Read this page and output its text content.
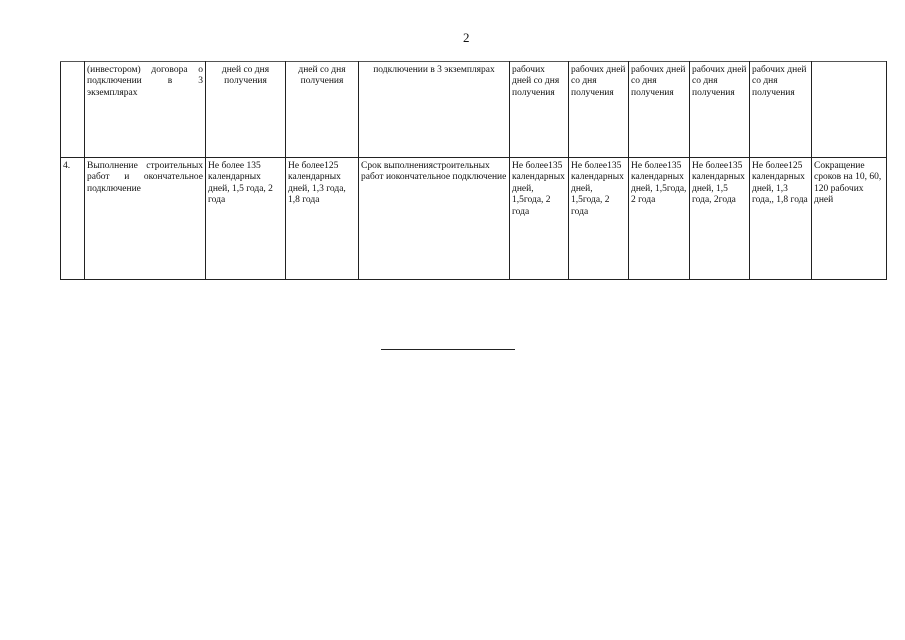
2
	(инвестором) договора о подключении в 3 экземплярах	дней со дня получения	дней со дня получения	подключении в 3 экземплярах	рабочих дней со дня получения	рабочих дней со дня получения	рабочих дней со дня получения	рабочих дней со дня получения	рабочих дней со дня получения	
4.	Выполнение строительных работ и окончательное подключение	Не более 135 календарных дней, 1,5 года, 2 года	Не более125 календарных дней, 1,3 года, 1,8 года	Срок выполнениястроительных работ иокончательное подключение	Не более135 календарных дней, 1,5года, 2 года	Не более135 календарных дней, 1,5года, 2 года	Не более135 календарных дней, 1,5года, 2 года	Не более135 календарных дней, 1,5 года, 2года	Не более125 календарных дней, 1,3 года,, 1,8 года	Сокращение сроков на 10, 60, 120 рабочих дней
